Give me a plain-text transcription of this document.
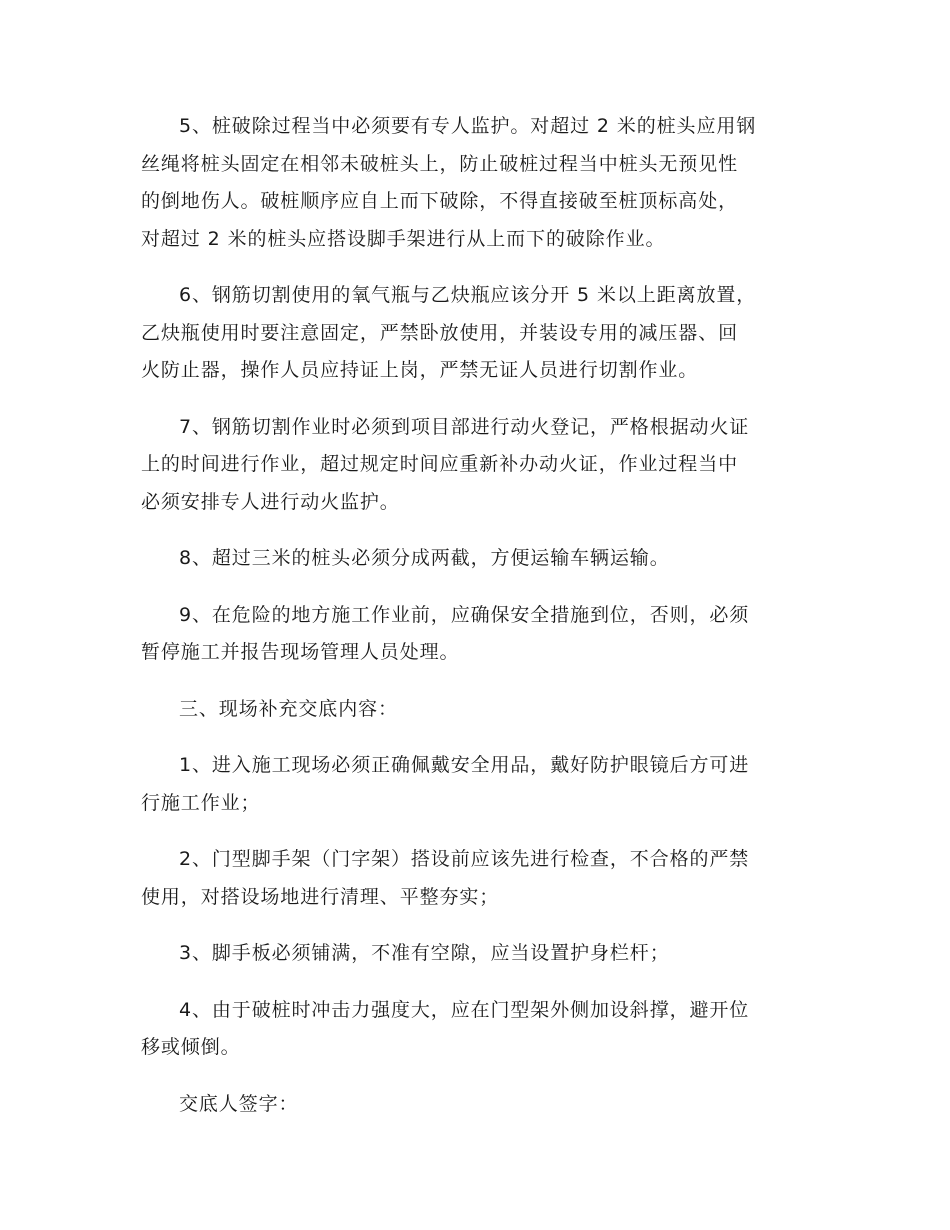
5、桩破除过程当中必须要有专人监护。对超过 2 米的桩头应用钢
丝绳将桩头固定在相邻未破桩头上，防止破桩过程当中桩头无预见性
的倒地伤人。破桩顺序应自上而下破除，不得直接破至桩顶标高处，
对超过 2 米的桩头应搭设脚手架进行从上而下的破除作业。

6、钢筋切割使用的氧气瓶与乙炔瓶应该分开 5 米以上距离放置，
乙炔瓶使用时要注意固定，严禁卧放使用，并装设专用的减压器、回
火防止器，操作人员应持证上岗，严禁无证人员进行切割作业。

7、钢筋切割作业时必须到项目部进行动火登记，严格根据动火证
上的时间进行作业，超过规定时间应重新补办动火证，作业过程当中
必须安排专人进行动火监护。

8、超过三米的桩头必须分成两截，方便运输车辆运输。

9、在危险的地方施工作业前，应确保安全措施到位，否则，必须
暂停施工并报告现场管理人员处理。

三、现场补充交底内容：

1、进入施工现场必须正确佩戴安全用品，戴好防护眼镜后方可进
行施工作业；

2、门型脚手架（门字架）搭设前应该先进行检查，不合格的严禁
使用，对搭设场地进行清理、平整夯实；

3、脚手板必须铺满，不准有空隙，应当设置护身栏杆；

4、由于破桩时冲击力强度大，应在门型架外侧加设斜撑，避开位
移或倾倒。

交底人签字：
